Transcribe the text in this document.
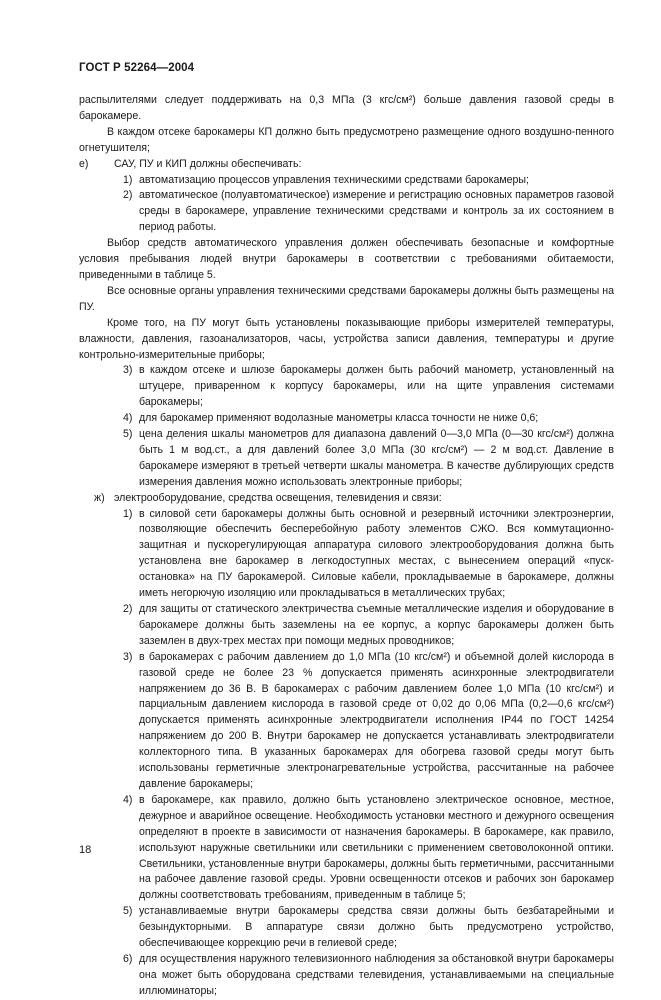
ГОСТ Р 52264—2004

распылителями следует поддерживать на 0,3 МПа (3 кгс/см²) больше давления газовой среды в барокамере.

В каждом отсеке барокамеры КП должно быть предусмотрено размещение одного воздушно-пенного огнетушителя;

е) САУ, ПУ и КИП должны обеспечивать:

1) автоматизацию процессов управления техническими средствами барокамеры;

2) автоматическое (полуавтоматическое) измерение и регистрацию основных параметров газовой среды в барокамере, управление техническими средствами и контроль за их состоянием в период работы.

Выбор средств автоматического управления должен обеспечивать безопасные и комфортные условия пребывания людей внутри барокамеры в соответствии с требованиями обитаемости, приведенными в таблице 5.

Все основные органы управления техническими средствами барокамеры должны быть размещены на ПУ.

Кроме того, на ПУ могут быть установлены показывающие приборы измерителей температуры, влажности, давления, газоанализаторов, часы, устройства записи давления, температуры и другие контрольно-измерительные приборы;

3) в каждом отсеке и шлюзе барокамеры должен быть рабочий манометр, установленный на штуцере, приваренном к корпусу барокамеры, или на щите управления системами барокамеры;

4) для барокамер применяют водолазные манометры класса точности не ниже 0,6;

5) цена деления шкалы манометров для диапазона давлений 0—3,0 МПа (0—30 кгс/см²) должна быть 1 м вод.ст., а для давлений более 3,0 МПа (30 кгс/см²) — 2 м вод.ст. Давление в барокамере измеряют в третьей четверти шкалы манометра. В качестве дублирующих средств измерения давления можно использовать электронные приборы;

ж) электрооборудование, средства освещения, телевидения и связи:

1) в силовой сети барокамеры должны быть основной и резервный источники электроэнергии, позволяющие обеспечить бесперебойную работу элементов СЖО. Вся коммутационно-защитная и пускорегулирующая аппаратура силового электрооборудования должна быть установлена вне барокамер в легкодоступных местах, с вынесением операций «пуск-остановка» на ПУ барокамерой. Силовые кабели, прокладываемые в барокамере, должны иметь негорючую изоляцию или прокладываться в металлических трубах;

2) для защиты от статического электричества съемные металлические изделия и оборудование в барокамере должны быть заземлены на ее корпус, а корпус барокамеры должен быть заземлен в двух-трех местах при помощи медных проводников;

3) в барокамерах с рабочим давлением до 1,0 МПа (10 кгс/см²) и объемной долей кислорода в газовой среде не более 23 % допускается применять асинхронные электродвигатели напряжением до 36 В. В барокамерах с рабочим давлением более 1,0 МПа (10 кгс/см²) и парциальным давлением кислорода в газовой среде от 0,02 до 0,06 МПа (0,2—0,6 кгс/см²) допускается применять асинхронные электродвигатели исполнения IP44 по ГОСТ 14254 напряжением до 200 В. Внутри барокамер не допускается устанавливать электродвигатели коллекторного типа. В указанных барокамерах для обогрева газовой среды могут быть использованы герметичные электронагревательные устройства, рассчитанные на рабочее давление барокамеры;

4) в барокамере, как правило, должно быть установлено электрическое основное, местное, дежурное и аварийное освещение. Необходимость установки местного и дежурного освещения определяют в проекте в зависимости от назначения барокамеры. В барокамере, как правило, используют наружные светильники или светильники с применением световолоконной оптики. Светильники, установленные внутри барокамеры, должны быть герметичными, рассчитанными на рабочее давление газовой среды. Уровни освещенности отсеков и рабочих зон барокамер должны соответствовать требованиям, приведенным в таблице 5;

5) устанавливаемые внутри барокамеры средства связи должны быть безбатарейными и безындукторными. В аппаратуре связи должно быть предусмотрено устройство, обеспечивающее коррекцию речи в гелиевой среде;

6) для осуществления наружного телевизионного наблюдения за обстановкой внутри барокамеры она может быть оборудована средствами телевидения, устанавливаемыми на специальные иллюминаторы;

18
